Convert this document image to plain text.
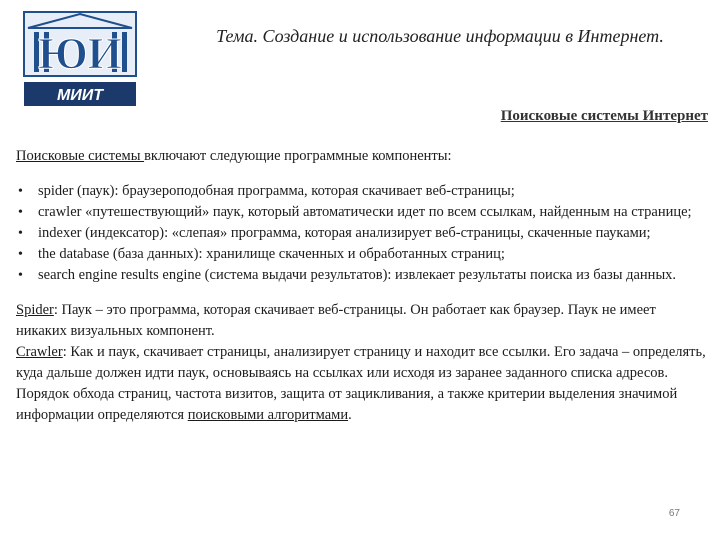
ЮИ
МИИТ
Тема. Создание и использование информации в Интернет.
Поисковые системы Интернет

Поисковые системы включают следующие программные компоненты:

• spider (паук): браузероподобная программа, которая скачивает веб-страницы;
• crawler «путешествующий» паук, который автоматически идет по всем ссылкам, найденным на странице;
• indexer (индексатор): «слепая» программа, которая анализирует веб-страницы, скаченные пауками;
• the database (база данных): хранилище скаченных и обработанных страниц;
• search engine results engine (система выдачи результатов): извлекает результаты поиска из базы данных.

Spider: Паук – это программа, которая скачивает веб-страницы. Он работает как браузер. Паук не имеет никаких визуальных компонент.

Crawler: Как и паук, скачивает страницы, анализирует страницу и находит все ссылки. Его задача – определять, куда дальше должен идти паук, основываясь на ссылках или исходя из заранее заданного списка адресов.

Порядок обхода страниц, частота визитов, защита от зацикливания, а также критерии выделения значимой информации определяются поисковыми алгоритмами.

67
